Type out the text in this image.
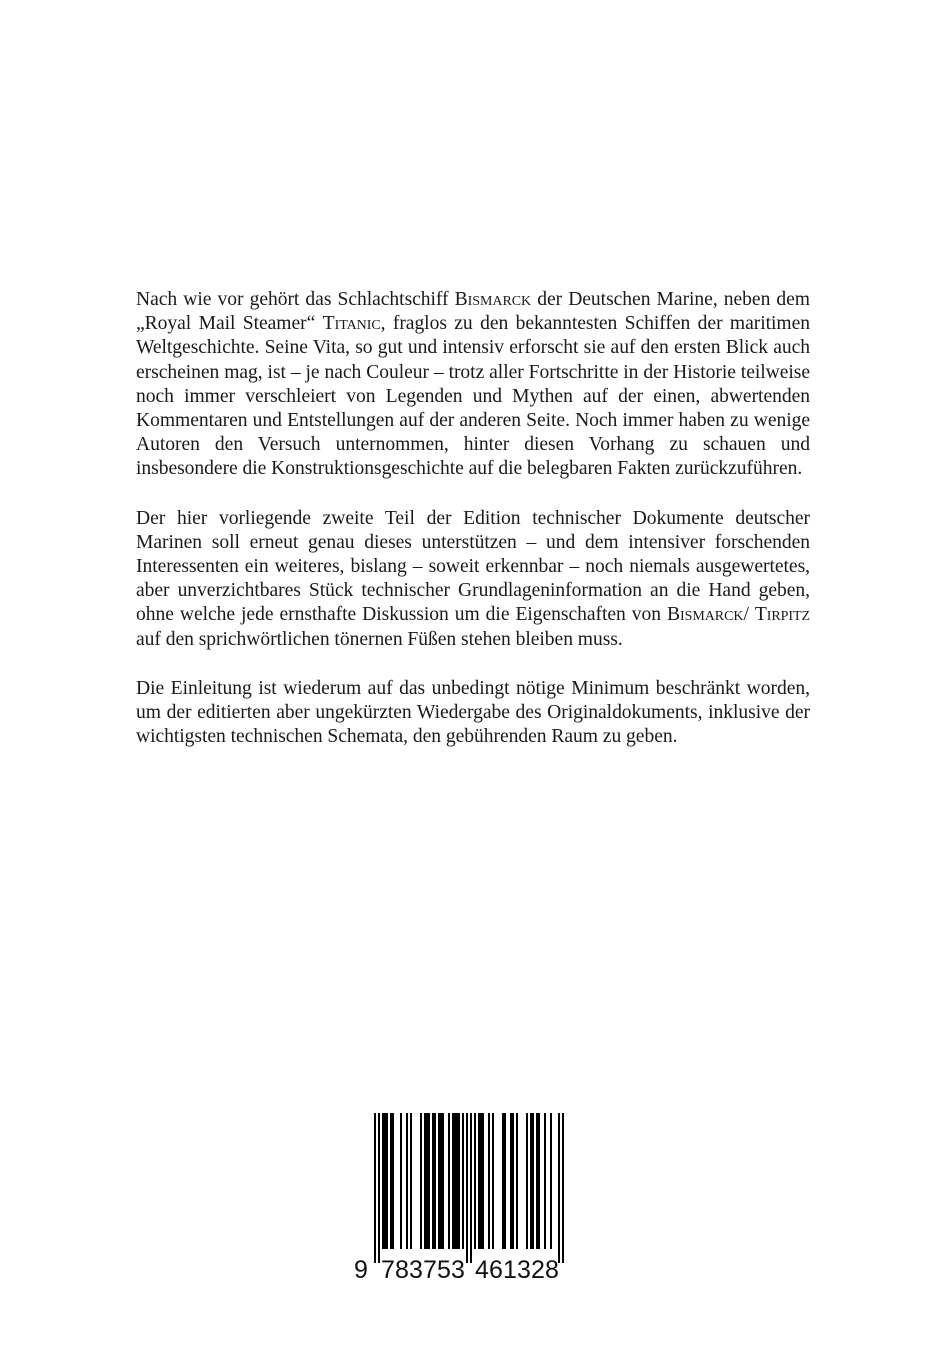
Nach wie vor gehört das Schlachtschiff Bismarck der Deutschen Marine, neben dem „Royal Mail Steamer“ Titanic, fraglos zu den bekanntesten Schiffen der maritimen Weltgeschichte. Seine Vita, so gut und intensiv erforscht sie auf den ersten Blick auch erscheinen mag, ist – je nach Couleur – trotz aller Fortschritte in der Historie teilweise noch immer verschleiert von Legenden und Mythen auf der einen, abwertenden Kommentaren und Entstellungen auf der anderen Seite. Noch immer haben zu wenige Autoren den Versuch unternommen, hinter diesen Vorhang zu schauen und insbesondere die Konstruktionsgeschichte auf die belegbaren Fakten zurückzuführen.

Der hier vorliegende zweite Teil der Edition technischer Dokumente deutscher Marinen soll erneut genau dieses unterstützen – und dem intensiver forschenden Interessenten ein weiteres, bislang – soweit erkennbar – noch niemals ausgewertetes, aber unverzichtbares Stück technischer Grundlageninformation an die Hand geben, ohne welche jede ernsthafte Diskussion um die Eigenschaften von Bismarck/ Tirpitz auf den sprichwörtlichen tönernen Füßen stehen bleiben muss.

Die Einleitung ist wiederum auf das unbedingt nötige Minimum beschränkt worden, um der editierten aber ungekürzten Wiedergabe des Originaldokuments, inklusive der wichtigsten technischen Schemata, den gebührenden Raum zu geben.

9 7 8 3 7 5 3 4 6 1 3 2 8
